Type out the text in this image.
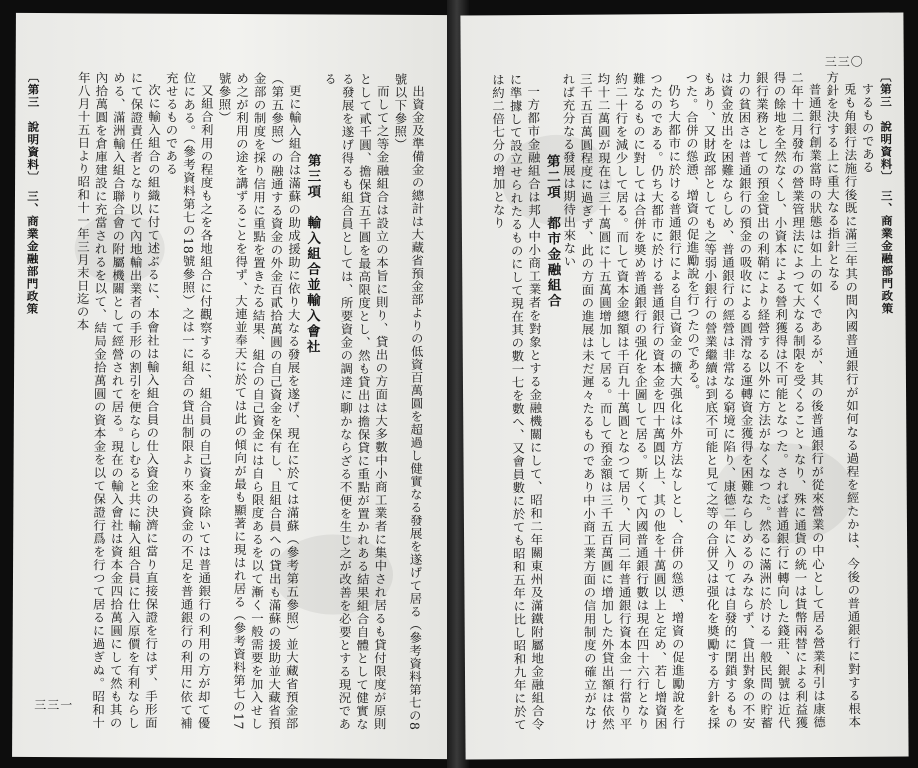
〔第三　說明資料〕　三、商業金融部門政策	出資金及準備金の總計は大藏省預金部よりの低資百萬圓を超過し健實なる發展を遂げて居る（參考資料第七の8號以下參照）

而して之等金融組合は設立の本旨に則り、貸出の方面は大多數中小商工業者に集中され居るも貸付限度が原則として貳千圓、擔保貸五千圓を最高限度とし、然も貸出は擔保貸に重點が置かれある結果組合自體として健實なる發展を遂げ得るも組合員としては、所要資金の調達に聊かならざる不便を生じ之が改善を必要とする現況である

第三項　輸入組合並輸入會社

更に輸入組合は滿蘇の助成援助に依り大なる發展を遂げ、現在に於ては滿蘇（參考第五參照）並大藏省預金部（第五參照）の融通する資金の外金百貳拾萬圓の自己資金を保有し、且組合員への貸出も滿蘇の援助並大藏省預金部の制度を採り信用に重點を置きたる結果、組合の自己資金には自ら限度あるを以て漸く一般需要を加入せしめ之が利用の途を講ずることを得ず、大連並奉天に於ては此の傾向が最も顯著に現はれ居る（參考資料第七の17號參照）

又組合利用の程度も之を各地組合に付觀察するに、組合員の自己資金を除いては普通銀行の利用の方が却て優位にある。（參考資料第七の18號參照）之は一に組合の貸出制限より來る資金の不足を普通銀行の利用に依て補充せるものである

次に輸入組合の組織に付て述ぶるに、本會社は輸入組合員の仕入資金の決濟に當り直接保證を行はず、手形面にて保證責任者となり以て內地輸出業者の手形の割引を便ならしむると共に輸入組合員に仕入原價を有利ならしめる、滿洲輸入組合聯合會の附屬機關として經營されて居る。現在の輸入會社は資本金四拾萬圓にして然も其の內拾萬圓を倉庫建設に充當されるを以て、結局金拾萬圓の資本金を以て保證行爲を行つて居るに過ぎぬ。昭和十年八月十五日より昭和十一年三月末日迄の本

三三一
〔第三　說明資料〕　三、商業金融部門政策
三三〇

するものである

兎も角銀行法施行後既に滿三年其の間內國普通銀行が如何なる過程を經たかは、今後の普通銀行に對する根本方針を決する上に重大なる指針となる

普通銀行創業當時の狀態は如上の如くであるが、其の後普通銀行が從來營業の中心として居る營業利引は康德二年十二月發布の營業管理法によつて大なる制限を受くることゝなり、殊に通貨の統一は貨幣兩替による利益獲得の餘地を全然なくし、小資本による營利獲得は不可能となつた。されば普通銀行に轉向した錢莊、銀號は近代銀行業務としての預金貸出の利鞘により経營する以外に方法がなくなつた。然るに滿洲に於ける一般民間の貯蓄力の貧困さは普通銀行の預金の吸收による圓滑なる運轉資金獲得を困難ならしめるのみならず、貸出對象の不安は資金放出を困難ならしめ、普通銀行の經營は非常なる窮境に陷り、康德二年に入りては自發的に閉鎖するものもあり、又財政部としても之等弱小銀行の營業繼續は到底不可能と見て之等の合併又は强化を奬勵する方針を採つた。合併の慫慂、增資の促進勵說を行つたのである。

仍ち大都市に於ける普通銀行による自己資金の擴大强化は外方法なしとし、合併の慫慂、增資の促進勵說を行つたのである。仍ち大都市に於ける普通銀行の資本金を四十萬圓以上、其の他を十萬圓以上と定め、若し增資困難なるものに對しては合併を奬め普通銀行の强化を企圖して居る。斯くて內國普通銀行數は現在四十六行となり約二十行を減少して居る。而して資本金總額は千百九十萬圓となつて居り、大同二年普通銀行資本金一行當り平均十二萬圓が現在は三十萬圓に十五萬圓增加して居る。而して預金額は三千五百萬圓に增加した外貸出額は依然三千五百萬圓程度に過ぎず、此の方面の進展は未だ遲々たるものであり中小商工業方面の信用制度の確立がなければ充分なる發展は期待出來ない

第二項　都市金融組合

一方都市金融組合は邦人中小商工業者を對象とする金融機關にして、昭和二年關東州及滿鐵附屬地金融組合令に準據して設立せられたるものにして現在其の數一七を數へ、又會員數に於ても昭和五年に比し昭和九年に於ては約二倍七分の增加となり
